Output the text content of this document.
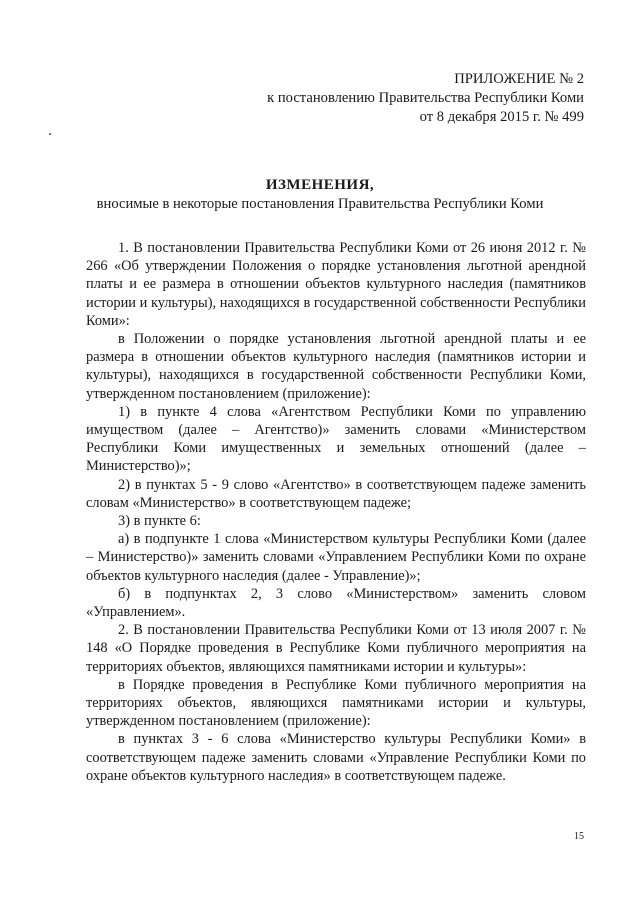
ПРИЛОЖЕНИЕ № 2
к постановлению Правительства Республики Коми
от 8 декабря 2015 г. № 499
ИЗМЕНЕНИЯ,
вносимые в некоторые постановления Правительства Республики Коми

1. В постановлении Правительства Республики Коми от 26 июня 2012 г. № 266 «Об утверждении Положения о порядке установления льготной арендной платы и ее размера в отношении объектов культурного наследия (памятников истории и культуры), находящихся в государственной собственности Республики Коми»:

в Положении о порядке установления льготной арендной платы и ее размера в отношении объектов культурного наследия (памятников истории и культуры), находящихся в государственной собственности Республики Коми, утвержденном постановлением (приложение):

1) в пункте 4 слова «Агентством Республики Коми по управлению имуществом (далее – Агентство)» заменить словами «Министерством Республики Коми имущественных и земельных отношений (далее – Министерство)»;

2) в пунктах 5 - 9 слово «Агентство» в соответствующем падеже заменить словам «Министерство» в соответствующем падеже;

3) в пункте 6:

а) в подпункте 1 слова «Министерством культуры Республики Коми (далее – Министерство)» заменить словами «Управлением Республики Коми по охране объектов культурного наследия (далее - Управление)»;

б) в подпунктах 2, 3 слово «Министерством» заменить словом «Управлением».

2. В постановлении Правительства Республики Коми от 13 июля 2007 г. № 148 «О Порядке проведения в Республике Коми публичного мероприятия на территориях объектов, являющихся памятниками истории и культуры»:

в Порядке проведения в Республике Коми публичного мероприятия на территориях объектов, являющихся памятниками истории и культуры, утвержденном постановлением (приложение):

в пунктах 3 - 6 слова «Министерство культуры Республики Коми» в соответствующем падеже заменить словами «Управление Республики Коми по охране объектов культурного наследия» в соответствующем падеже.

15
